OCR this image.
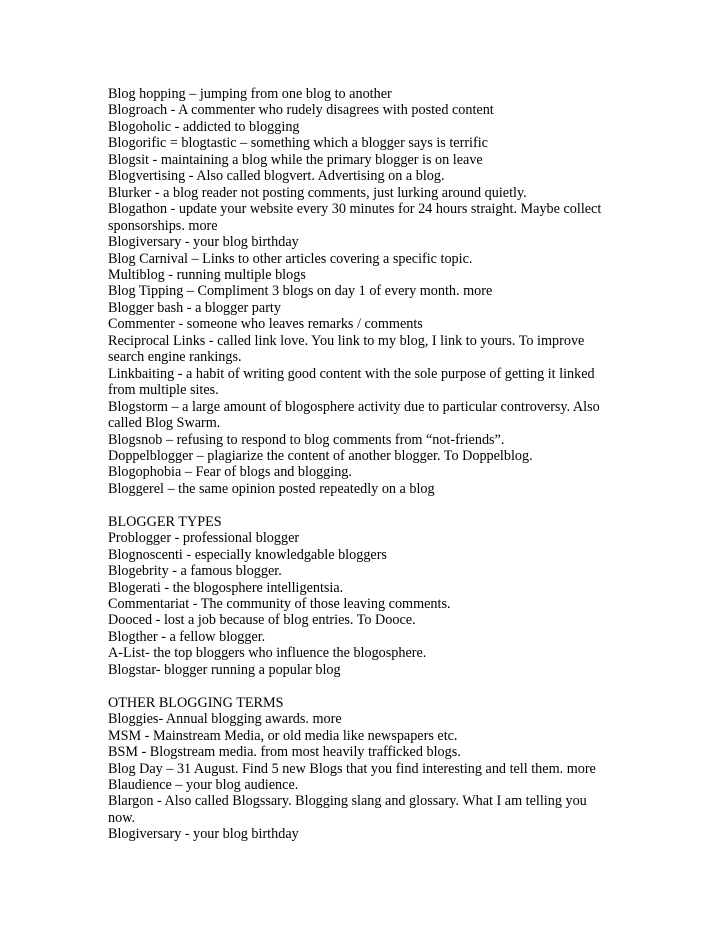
Blog hopping – jumping from one blog to another
Blogroach - A commenter who rudely disagrees with posted content
Blogoholic - addicted to blogging
Blogorific = blogtastic – something which a blogger says is terrific
Blogsit - maintaining a blog while the primary blogger is on leave
Blogvertising - Also called blogvert. Advertising on a blog.
Blurker - a blog reader not posting comments, just lurking around quietly.
Blogathon - update your website every 30 minutes for 24 hours straight. Maybe collect
sponsorships. more
Blogiversary - your blog birthday
Blog Carnival – Links to other articles covering a specific topic.
Multiblog - running multiple blogs
Blog Tipping – Compliment 3 blogs on day 1 of every month. more
Blogger bash - a blogger party
Commenter - someone who leaves remarks / comments
Reciprocal Links - called link love. You link to my blog, I link to yours. To improve
search engine rankings.
Linkbaiting - a habit of writing good content with the sole purpose of getting it linked
from multiple sites.
Blogstorm – a large amount of blogosphere activity due to particular controversy. Also
called Blog Swarm.
Blogsnob – refusing to respond to blog comments from “not-friends”.
Doppelblogger – plagiarize the content of another blogger. To Doppelblog.
Blogophobia – Fear of blogs and blogging.
Bloggerel – the same opinion posted repeatedly on a blog
BLOGGER TYPES
Problogger - professional blogger
Blognoscenti - especially knowledgable bloggers
Blogebrity - a famous blogger.
Blogerati - the blogosphere intelligentsia.
Commentariat - The community of those leaving comments.
Dooced - lost a job because of blog entries. To Dooce.
Blogther - a fellow blogger.
A-List- the top bloggers who influence the blogosphere.
Blogstar- blogger running a popular blog
OTHER BLOGGING TERMS
Bloggies- Annual blogging awards. more
MSM - Mainstream Media, or old media like newspapers etc.
BSM - Blogstream media. from most heavily trafficked blogs.
Blog Day – 31 August. Find 5 new Blogs that you find interesting and tell them. more
Blaudience – your blog audience.
Blargon - Also called Blogssary. Blogging slang and glossary. What I am telling you
now.
Blogiversary - your blog birthday
